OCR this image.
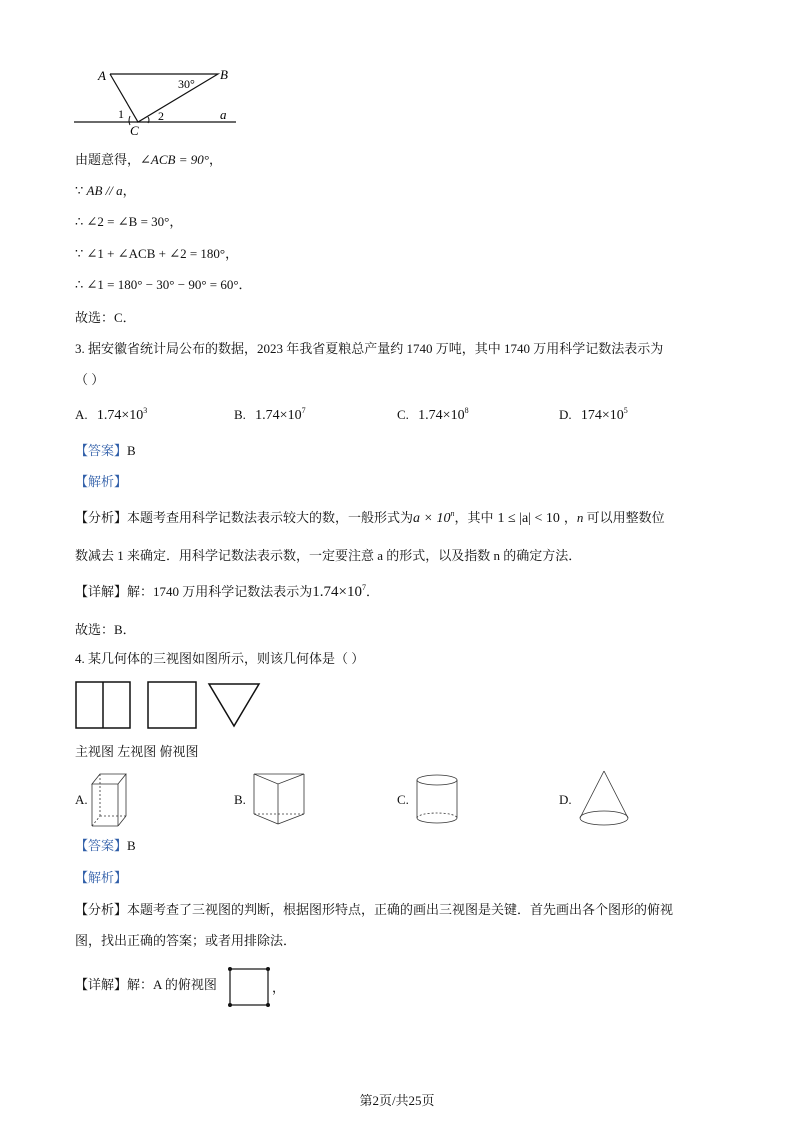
A	B
C
30°
1	2	a
由题意得，∠ACB = 90°，
∵ AB // a，
∴ ∠2 = ∠B = 30°，
∵ ∠1 + ∠ACB + ∠2 = 180°，
∴ ∠1 = 180° − 30° − 90° = 60°．
故选：C．
3. 据安徽省统计局公布的数据，2023 年我省夏粮总产量约 1740 万吨，其中 1740 万用科学记数法表示为
（ ）
A. $1.74\times 10^3$	B. $1.74\times 10^7$	C. $1.74\times 10^8$	D. $174\times 10^5$
【答案】B
【解析】
【分析】本题考查用科学记数法表示较大的数，一般形式为$a \times 10^n$，其中 1 ≤ |a| < 10 ，n 可以用整数位
数减去 1 来确定．用科学记数法表示数，一定要注意 a 的形式，以及指数 n 的确定方法．
【详解】解：1740 万用科学记数法表示为$1.74\times 10^7$．
故选：B．
4. 某几何体的三视图如图所示，则该几何体是（ ）
主视图 左视图 俯视图
A.	B.	C.	D.
【答案】B
【解析】
【分析】本题考查了三视图的判断，根据图形特点，正确的画出三视图是关键．首先画出各个图形的俯视
图，找出正确的答案；或者用排除法．
【详解】解：A 的俯视图	，
第2页/共25页
